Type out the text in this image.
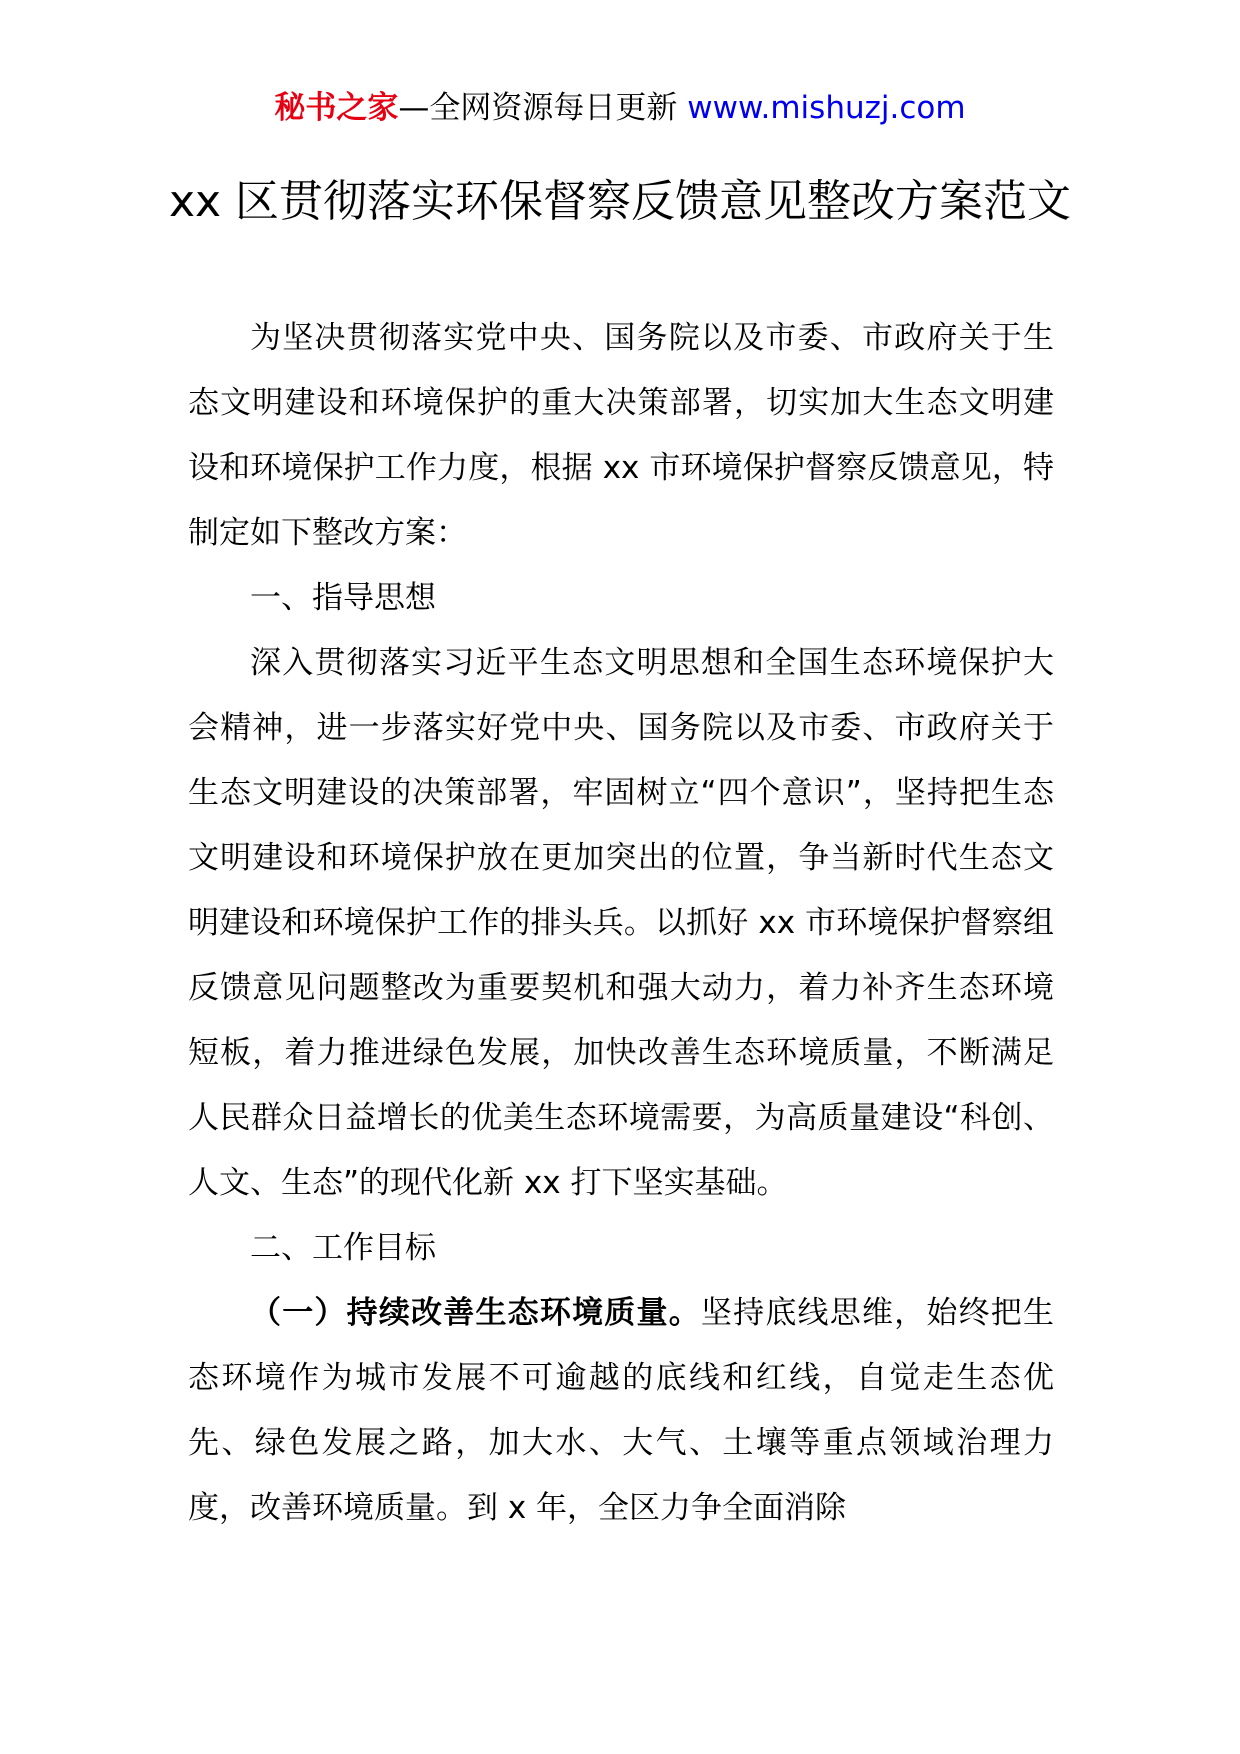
秘书之家—全网资源每日更新 www.mishuzj.com
xx 区贯彻落实环保督察反馈意见整改方案范文

为坚决贯彻落实党中央、国务院以及市委、市政府关于生态文明建设和环境保护的重大决策部署，切实加大生态文明建设和环境保护工作力度，根据 xx 市环境保护督察反馈意见，特制定如下整改方案：

一、指导思想

深入贯彻落实习近平生态文明思想和全国生态环境保护大会精神，进一步落实好党中央、国务院以及市委、市政府关于生态文明建设的决策部署，牢固树立“四个意识”，坚持把生态文明建设和环境保护放在更加突出的位置，争当新时代生态文明建设和环境保护工作的排头兵。以抓好 xx 市环境保护督察组反馈意见问题整改为重要契机和强大动力，着力补齐生态环境短板，着力推进绿色发展，加快改善生态环境质量，不断满足人民群众日益增长的优美生态环境需要，为高质量建设“科创、人文、生态”的现代化新 xx 打下坚实基础。

二、工作目标

（一）持续改善生态环境质量。坚持底线思维，始终把生态环境作为城市发展不可逾越的底线和红线，自觉走生态优先、绿色发展之路，加大水、大气、土壤等重点领域治理力度，改善环境质量。到 x 年，全区力争全面消除
